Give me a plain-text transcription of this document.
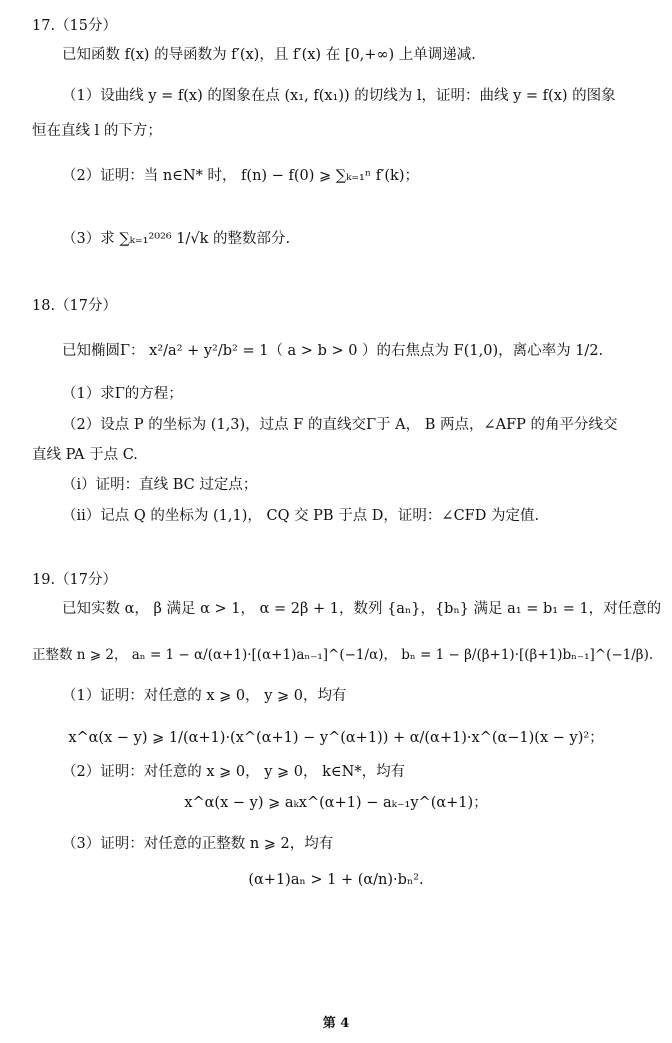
17.（15分）
已知函数 f(x) 的导函数为 f′(x)，且 f′(x) 在 [0,+∞) 上单调递减.
（1）设曲线 y = f(x) 的图象在点 (x₁, f(x₁)) 的切线为 l，证明：曲线 y = f(x) 的图象
恒在直线 l 的下方；
（2）证明：当 n∈N* 时， f(n) − f(0) ⩾ ∑ₖ₌₁ⁿ f′(k)；
（3）求 ∑ₖ₌₁²⁰²⁶ 1/√k 的整数部分.
18.（17分）
已知椭圆Γ： x²/a² + y²/b² = 1（ a > b > 0 ）的右焦点为 F(1,0)，离心率为 1/2.
（1）求Γ的方程；
（2）设点 P 的坐标为 (1,3)，过点 F 的直线交Γ于 A， B 两点，∠AFP 的角平分线交
直线 PA 于点 C.
（i）证明：直线 BC 过定点；
（ii）记点 Q 的坐标为 (1,1)， CQ 交 PB 于点 D，证明：∠CFD 为定值.
19.（17分）
已知实数 α， β 满足 α > 1， α = 2β + 1，数列 {aₙ}，{bₙ} 满足 a₁ = b₁ = 1，对任意的
正整数 n ⩾ 2， aₙ = 1 − α/(α+1)·[(α+1)aₙ₋₁]^(−1/α)， bₙ = 1 − β/(β+1)·[(β+1)bₙ₋₁]^(−1/β).
（1）证明：对任意的 x ⩾ 0， y ⩾ 0，均有
x^α(x − y) ⩾ 1/(α+1)·(x^(α+1) − y^(α+1)) + α/(α+1)·x^(α−1)(x − y)²；
（2）证明：对任意的 x ⩾ 0， y ⩾ 0， k∈N*，均有
x^α(x − y) ⩾ aₖx^(α+1) − aₖ₋₁y^(α+1)；
（3）证明：对任意的正整数 n ⩾ 2，均有
(α+1)aₙ > 1 + (α/n)·bₙ².
第 4
